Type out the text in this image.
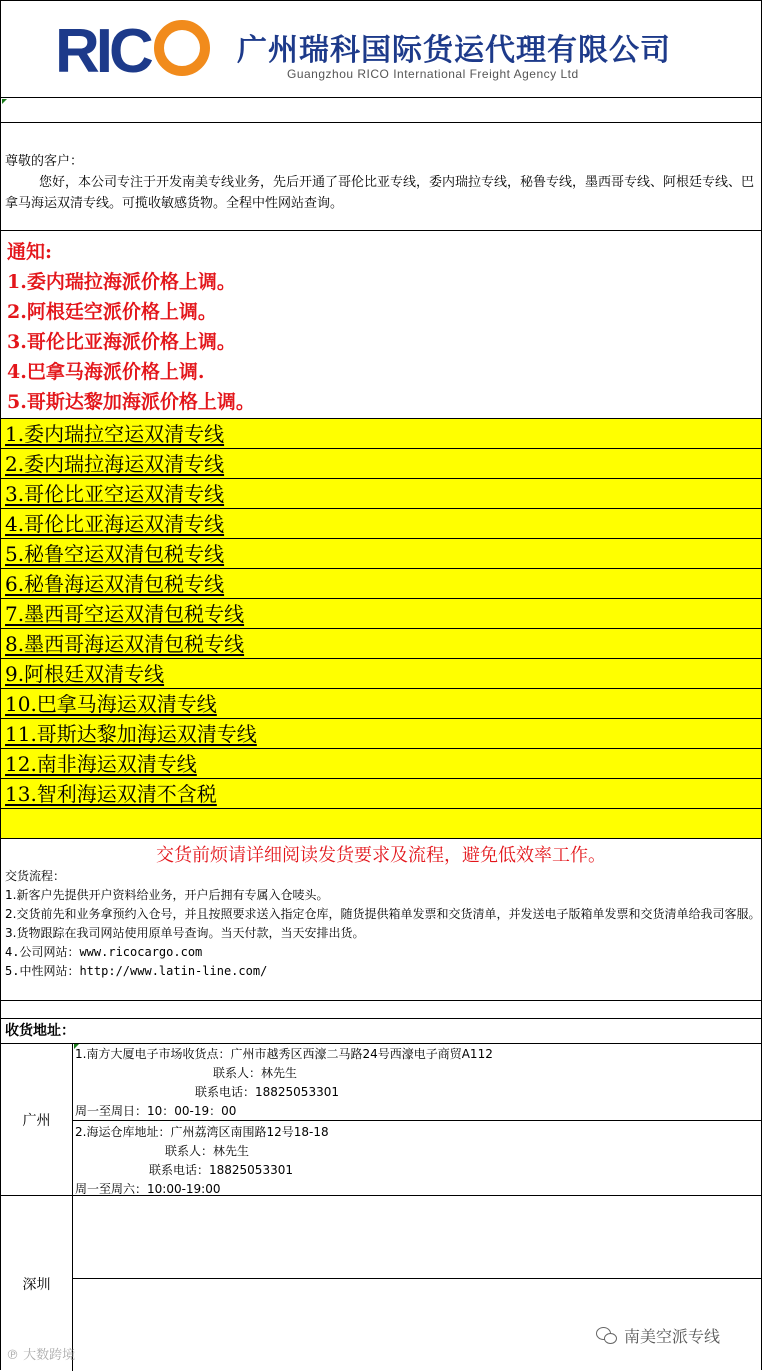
RIC	广州瑞科国际货运代理有限公司
Guangzhou RICO International Freight Agency Ltd

尊敬的客户：

您好，本公司专注于开发南美专线业务，先后开通了哥伦比亚专线，委内瑞拉专线，秘鲁专线，墨西哥专线、阿根廷专线、巴拿马海运双清专线。可揽收敏感货物。全程中性网站查询。

通知:
1.委内瑞拉海派价格上调。
2.阿根廷空派价格上调。
3.哥伦比亚海派价格上调。
4.巴拿马海派价格上调.
5.哥斯达黎加海派价格上调。
1.委内瑞拉空运双清专线
2.委内瑞拉海运双清专线
3.哥伦比亚空运双清专线
4.哥伦比亚海运双清专线
5.秘鲁空运双清包税专线
6.秘鲁海运双清包税专线
7.墨西哥空运双清包税专线
8.墨西哥海运双清包税专线
9.阿根廷双清专线
10.巴拿马海运双清专线
11.哥斯达黎加海运双清专线
12.南非海运双清专线
13.智利海运双清不含税
交货前烦请详细阅读发货要求及流程，避免低效率工作。
交货流程：
1.新客户先提供开户资料给业务，开户后拥有专属入仓唛头。
2.交货前先和业务拿预约入仓号，并且按照要求送入指定仓库，随货提供箱单发票和交货清单，并发送电子版箱单发票和交货清单给我司客服。
3.货物跟踪在我司网站使用原单号查询。当天付款，当天安排出货。
4.公司网站：www.ricocargo.com
5.中性网站：http://www.latin-line.com/
收货地址：
广州
1.南方大厦电子市场收货点：广州市越秀区西濠二马路24号西濠电子商贸A112
联系人：林先生
联系电话：18825053301
周一至周日：10：00-19：00
2.海运仓库地址：广州荔湾区南围路12号18-18
联系人：林先生
联系电话：18825053301
周一至周六：10:00-19:00
深圳
℗ 大数跨境
南美空派专线
